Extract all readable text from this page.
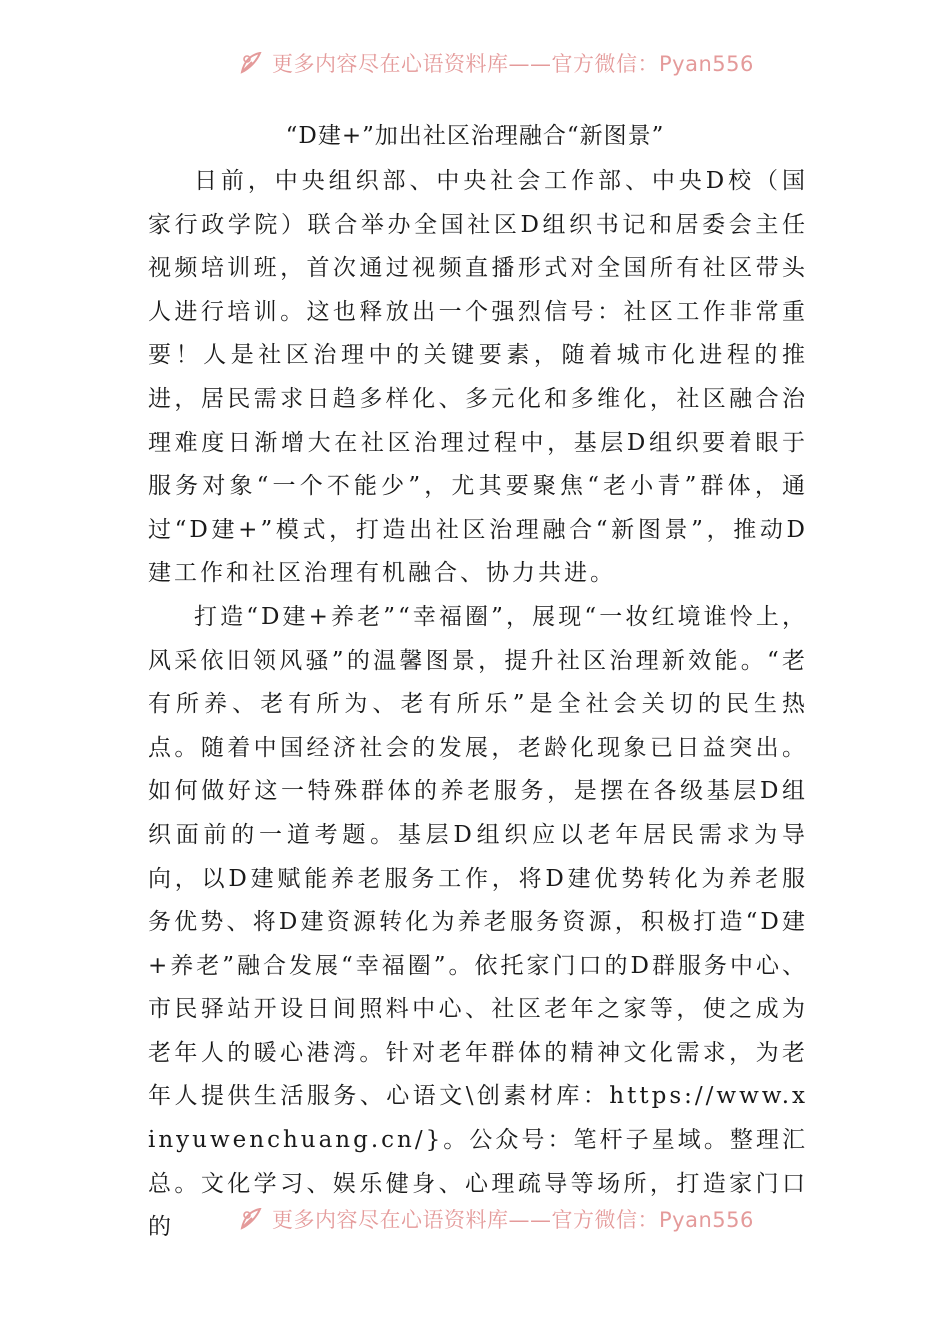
更多内容尽在心语资料库——官方微信：Pyan556
“D建+”加出社区治理融合“新图景”

日前，中央组织部、中央社会工作部、中央D校（国家行政学院）联合举办全国社区D组织书记和居委会主任视频培训班，首次通过视频直播形式对全国所有社区带头人进行培训。这也释放出一个强烈信号：社区工作非常重要！人是社区治理中的关键要素，随着城市化进程的推进，居民需求日趋多样化、多元化和多维化，社区融合治理难度日渐增大在社区治理过程中，基层D组织要着眼于服务对象“一个不能少”，尤其要聚焦“老小青”群体，通过“D建+”模式，打造出社区治理融合“新图景”，推动D建工作和社区治理有机融合、协力共进。

打造“D建+养老”“幸福圈”，展现“一妆红境谁怜上，风采依旧领风骚”的温馨图景，提升社区治理新效能。“老有所养、老有所为、老有所乐”是全社会关切的民生热点。随着中国经济社会的发展，老龄化现象已日益突出。如何做好这一特殊群体的养老服务，是摆在各级基层D组织面前的一道考题。基层D组织应以老年居民需求为导向，以D建赋能养老服务工作，将D建优势转化为养老服务优势、将D建资源转化为养老服务资源，积极打造“D建+养老”融合发展“幸福圈”。依托家门口的D群服务中心、市民驿站开设日间照料中心、社区老年之家等，使之成为老年人的暖心港湾。针对老年群体的精神文化需求，为老年人提供生活服务、心语文\创素材库：https://www.xinyuwenchuang.cn/}。公众号：笔杆子星域。整理汇总。文化学习、娱乐健身、心理疏导等场所，打造家门口的	更多内容尽在心语资料库——官方微信：Pyan556
